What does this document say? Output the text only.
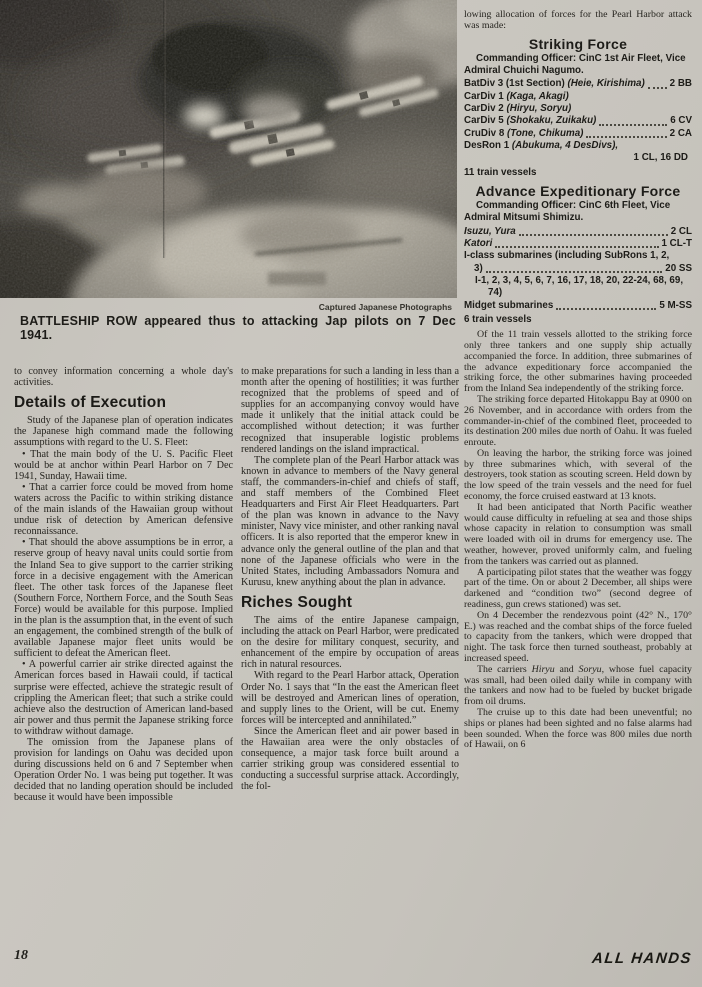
Captured Japanese Photographs
BATTLESHIP ROW appeared thus to attacking Jap pilots on 7 Dec 1941.

to convey information concerning a whole day's activities.

Details of Execution

Study of the Japanese plan of operation indicates the Japanese high command made the following assumptions with regard to the U. S. Fleet:

• That the main body of the U. S. Pacific Fleet would be at anchor within Pearl Harbor on 7 Dec 1941, Sunday, Hawaii time.

• That a carrier force could be moved from home waters across the Pacific to within striking distance of the main islands of the Hawaiian group without undue risk of detection by American defensive reconnaissance.

• That should the above assumptions be in error, a reserve group of heavy naval units could sortie from the Inland Sea to give support to the carrier striking force in a decisive engagement with the American fleet. The other task forces of the Japanese fleet (Southern Force, Northern Force, and the South Seas Force) would be available for this purpose. Implied in the plan is the assumption that, in the event of such an engagement, the combined strength of the bulk of available Japanese major fleet units would be sufficient to defeat the American fleet.

• A powerful carrier air strike directed against the American forces based in Hawaii could, if tactical surprise were effected, achieve the strategic result of crippling the American fleet; that such a strike could achieve also the destruction of American land-based air power and thus permit the Japanese striking force to withdraw without damage.

The omission from the Japanese plans of provision for landings on Oahu was decided upon during discussions held on 6 and 7 September when Operation Order No. 1 was being put together. It was decided that no landing operation should be included because it would have been impossible

to make preparations for such a landing in less than a month after the opening of hostilities; it was further recognized that the problems of speed and of supplies for an accompanying convoy would have made it unlikely that the initial attack could be accomplished without detection; it was further recognized that insuperable logistic problems rendered landings on the island impractical.

The complete plan of the Pearl Harbor attack was known in advance to members of the Navy general staff, the commanders-in-chief and chiefs of staff, and staff members of the Combined Fleet Headquarters and First Air Fleet Headquarters. Part of the plan was known in advance to the Navy minister, Navy vice minister, and other ranking naval officers. It is also reported that the emperor knew in advance only the general outline of the plan and that none of the Japanese officials who were in the United States, including Ambassadors Nomura and Kurusu, knew anything about the plan in advance.

Riches Sought

The aims of the entire Japanese campaign, including the attack on Pearl Harbor, were predicated on the desire for military conquest, security, and enhancement of the empire by occupation of areas rich in natural resources.

With regard to the Pearl Harbor attack, Operation Order No. 1 says that “In the east the American fleet will be destroyed and American lines of operation, and supply lines to the Orient, will be cut. Enemy forces will be intercepted and annihilated.”

Since the American fleet and air power based in the Hawaiian area were the only obstacles of consequence, a major task force built around a carrier striking group was considered essential to conducting a successful surprise attack. Accordingly, the fol-

lowing allocation of forces for the Pearl Harbor attack was made:

Striking Force

Commanding Officer: CinC 1st Air Fleet, Vice Admiral Chuichi Nagumo.

BatDiv 3 (1st Section) (Heie, Kirishima)	2 BB
CarDiv 1 (Kaga, Akagi)
CarDiv 2 (Hiryu, Soryu)
CarDiv 5 (Shokaku, Zuikaku)	6 CV
CruDiv 8 (Tone, Chikuma)	2 CA
DesRon 1 (Abukuma, 4 DesDivs),
1 CL, 16 DD
11 train vessels
Advance Expeditionary Force

Commanding Officer: CinC 6th Fleet, Vice Admiral Mitsumi Shimizu.

Isuzu, Yura	2 CL
Katori	1 CL-T
I-class submarines (including SubRons 1, 2,
3)	20 SS
I-1, 2, 3, 4, 5, 6, 7, 16, 17, 18, 20, 22-24, 68, 69, 74)
Midget submarines	5 M-SS
6 train vessels

Of the 11 train vessels allotted to the striking force only three tankers and one supply ship actually accompanied the force. In addition, three submarines of the advance expeditionary force accompanied the striking force, the other submarines having proceeded from the Inland Sea independently of the striking force.

The striking force departed Hitokappu Bay at 0900 on 26 November, and in accordance with orders from the commander-in-chief of the combined fleet, proceeded to its destination 200 miles due north of Oahu. It was fueled enroute.

On leaving the harbor, the striking force was joined by three submarines which, with several of the destroyers, took station as scouting screen. Held down by the low speed of the train vessels and the need for fuel economy, the force cruised eastward at 13 knots.

It had been anticipated that North Pacific weather would cause difficulty in refueling at sea and those ships whose capacity in relation to consumption was small were loaded with oil in drums for emergency use. The weather, however, proved uniformly calm, and fueling from the tankers was carried out as planned.

A participating pilot states that the weather was foggy part of the time. On or about 2 December, all ships were darkened and “condition two” (second degree of readiness, gun crews stationed) was set.

On 4 December the rendezvous point (42° N., 170° E.) was reached and the combat ships of the force fueled to capacity from the tankers, which were dropped that night. The task force then turned southeast, probably at increased speed.

The carriers Hiryu and Soryu, whose fuel capacity was small, had been oiled daily while in company with the tankers and now had to be fueled by bucket brigade from oil drums.

The cruise up to this date had been uneventful; no ships or planes had been sighted and no false alarms had been sounded. When the force was 800 miles due north of Hawaii, on 6

18	ALL HANDS
